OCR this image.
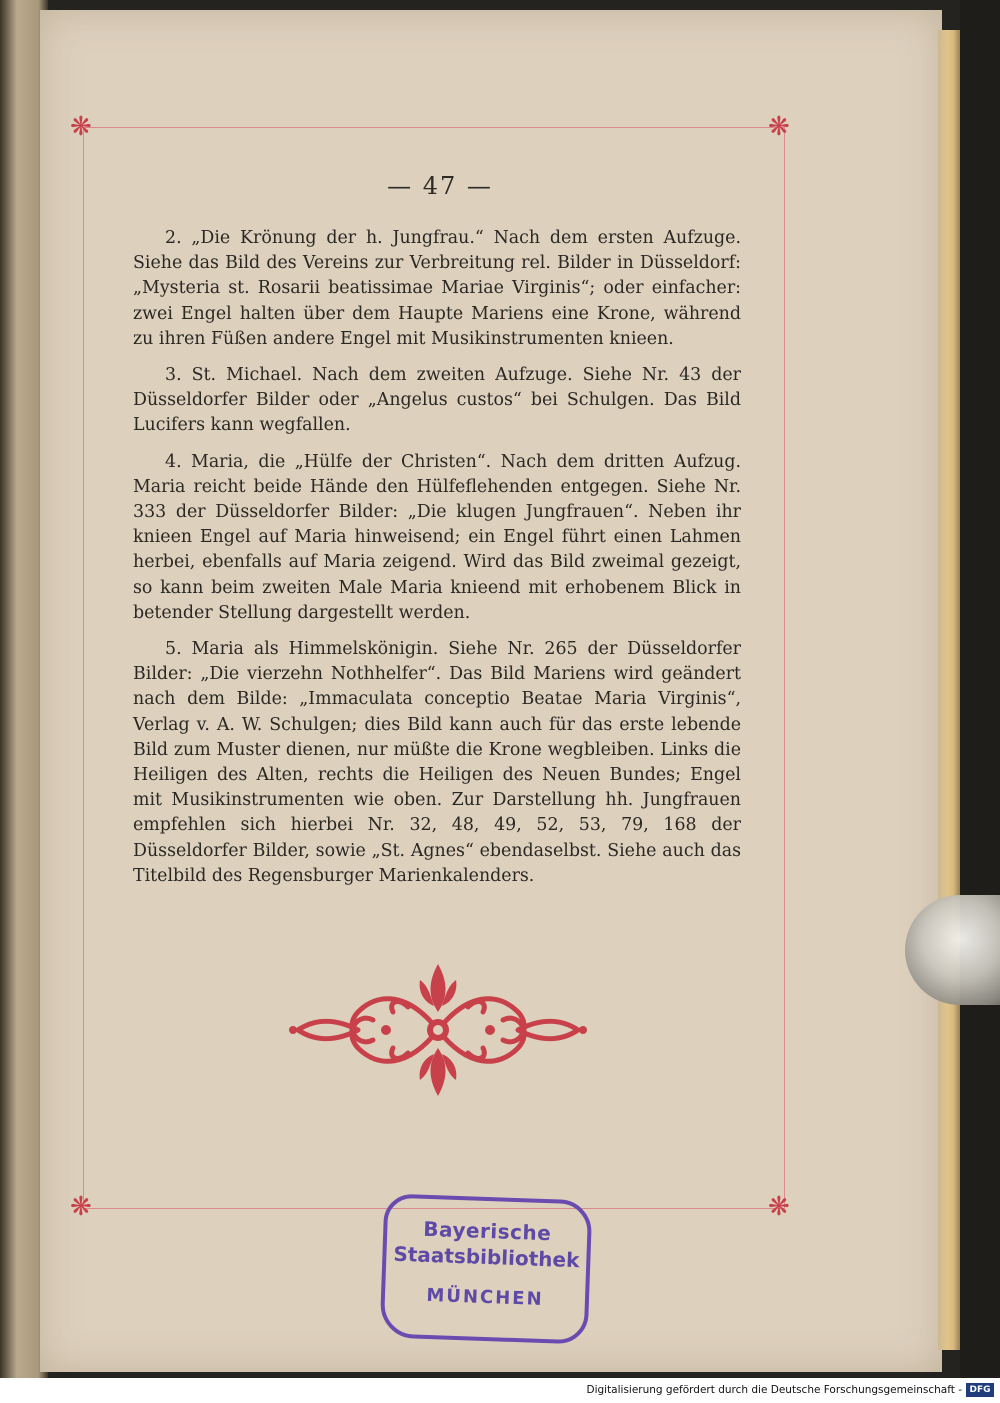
❋	❋
❋	❋
— 47 —

2. „Die Krönung der h. Jungfrau.“ Nach dem ersten Aufzuge. Siehe das Bild des Vereins zur Verbreitung rel. Bilder in Düsseldorf: „Mysteria st. Rosarii beatissimae Mariae Virginis“; oder einfacher: zwei Engel halten über dem Haupte Mariens eine Krone, während zu ihren Füßen andere Engel mit Musikinstrumenten knieen.

3. St. Michael. Nach dem zweiten Aufzuge. Siehe Nr. 43 der Düsseldorfer Bilder oder „Angelus custos“ bei Schulgen. Das Bild Lucifers kann wegfallen.

4. Maria, die „Hülfe der Christen“. Nach dem dritten Aufzug. Maria reicht beide Hände den Hülfeflehenden entgegen. Siehe Nr. 333 der Düsseldorfer Bilder: „Die klugen Jungfrauen“. Neben ihr knieen Engel auf Maria hinweisend; ein Engel führt einen Lahmen herbei, ebenfalls auf Maria zeigend. Wird das Bild zweimal gezeigt, so kann beim zweiten Male Maria knieend mit erhobenem Blick in betender Stellung dargestellt werden.

5. Maria als Himmelskönigin. Siehe Nr. 265 der Düsseldorfer Bilder: „Die vierzehn Nothhelfer“. Das Bild Mariens wird geändert nach dem Bilde: „Immaculata conceptio Beatae Maria Virginis“, Verlag v. A. W. Schulgen; dies Bild kann auch für das erste lebende Bild zum Muster dienen, nur müßte die Krone wegbleiben. Links die Heiligen des Alten, rechts die Heiligen des Neuen Bundes; Engel mit Musikinstrumenten wie oben. Zur Darstellung hh. Jungfrauen empfehlen sich hierbei Nr. 32, 48, 49, 52, 53, 79, 168 der Düsseldorfer Bilder, sowie „St. Agnes“ ebendaselbst. Siehe auch das Titelbild des Regensburger Marienkalenders.

Bayerische
Staatsbibliothek
MÜNCHEN
Digitalisierung gefördert durch die Deutsche Forschungsgemeinschaft - DFG
